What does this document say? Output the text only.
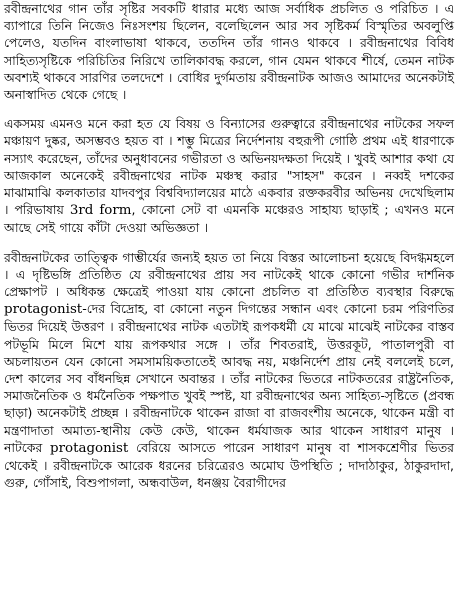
রবীন্দ্রনাথের গান তাঁর সৃষ্টির সবকটি ধারার মধ্যে আজ সর্বাধিক প্রচলিত ও পরিচিত । এ ব্যাপারে তিনি নিজেও নিঃসংশয় ছিলেন, বলেছিলেন আর সব সৃষ্টিকর্ম বিস্মৃতির অবলুপ্তি পেলেও, যতদিন বাংলাভাষা থাকবে, ততদিন তাঁর গানও থাকবে । রবীন্দ্রনাথের বিবিধ সাহিত্যসৃষ্টিকে পরিচিতির নিরিখে তালিকাবদ্ধ করলে, গান যেমন থাকবে শীর্ষে, তেমন নাটক অবশ্যই থাকবে সারণির তলদেশে । বোধির দুর্গমতায় রবীন্দ্রনাটক আজও আমাদের অনেকটাই অনাস্বাদিত থেকে গেছে ।

একসময় এমনও মনে করা হত যে বিষয় ও বিন্যাসের গুরুত্বারে রবীন্দ্রনাথের নাটকের সফল মঞ্চায়ণ দুষ্কর, অসম্ভবও হয়ত বা । শম্ভু মিত্রের নির্দেশনায় বহুরূপী গোষ্ঠি প্রথম এই ধারণাকে নস্যাৎ করেছেন, তাঁদের অনুধাবনের গভীরতা ও অভিনয়দক্ষতা দিয়েই । খুবই আশার কথা যে আজকাল অনেকেই রবীন্দ্রনাথের নাটক মঞ্চস্থ করার "সাহস" করেন । নব্বই দশকের মাঝামাঝি কলকাতার যাদবপুর বিশ্ববিদ্যালয়ের মাঠে একবার রক্তকরবীর অভিনয় দেখেছিলাম । পরিভাষায় 3rd form, কোনো সেট বা এমনকি মঞ্চেরও সাহায্য ছাড়াই ; এখনও মনে আছে সেই গায়ে কাঁটা দেওয়া অভিজ্ঞতা ।

রবীন্দ্রনাটকের তাত্ত্বিক গাম্ভীর্যের জন্যই হয়ত তা নিয়ে বিস্তর আলোচনা হয়েছে বিদগ্ধমহলে । এ দৃষ্টিভঙ্গি প্রতিষ্ঠিত যে রবীন্দ্রনাথের প্রায় সব নাটকেই থাকে কোনো গভীর দার্শনিক প্রেক্ষাপট । অধিকন্ত ক্ষেত্রেই পাওয়া যায় কোনো প্রচলিত বা প্রতিষ্ঠিত ব্যবস্থার বিরুদ্ধে protagonist-দের বিদ্রোহ, বা কোনো নতুন দিগন্তের সন্ধান এবং কোনো চরম পরিণতির ভিতর দিয়েই উত্তরণ । রবীন্দ্রনাথের নাটক এতটাই রূপকধর্মী যে মাঝে মাঝেই নাটকের বাস্তব পটভূমি মিলে মিশে যায় রূপকথার সঙ্গে । তাঁর শিবতরাই, উত্তরকূট, পাতালপুরী বা অচলায়তন যেন কোনো সমসাময়িকতাতেই আবদ্ধ নয়, মঞ্চনির্দেশ প্রায় নেই বললেই চলে, দেশ কালের সব বাঁধনছিন্ন সেখানে অবান্তর । তাঁর নাটকের ভিতরে নাটকতরের রাষ্ট্রনৈতিক, সমাজনৈতিক ও ধর্মনৈতিক পক্ষপাত খুবই স্পষ্ট, যা রবীন্দ্রনাথের অন্য সাহিত্য-সৃষ্টিতে (প্রবন্ধ ছাড়া) অনেকটাই প্রচ্ছন্ন । রবীন্দ্রনাটকে থাকেন রাজা বা রাজবংশীয় অনেকে, থাকেন মন্ত্রী বা মন্ত্রণাদাতা অমাত্য-স্থানীয় কেউ কেউ, থাকেন ধর্মযাজক আর থাকেন সাধারণ মানুষ । নাটকের protagonist বেরিয়ে আসতে পারেন সাধারণ মানুষ বা শাসকশ্রেণীর ভিতর থেকেই । রবীন্দ্রনাটকে আরেক ধরনের চরিত্রেরও অমোঘ উপস্থিতি ; দাদাঠাকুর, ঠাকুরদাদা, গুরু, গোঁসাই, বিশুপাগলা, অন্ধবাউল, ধনঞ্জয় বৈরাগীদের
